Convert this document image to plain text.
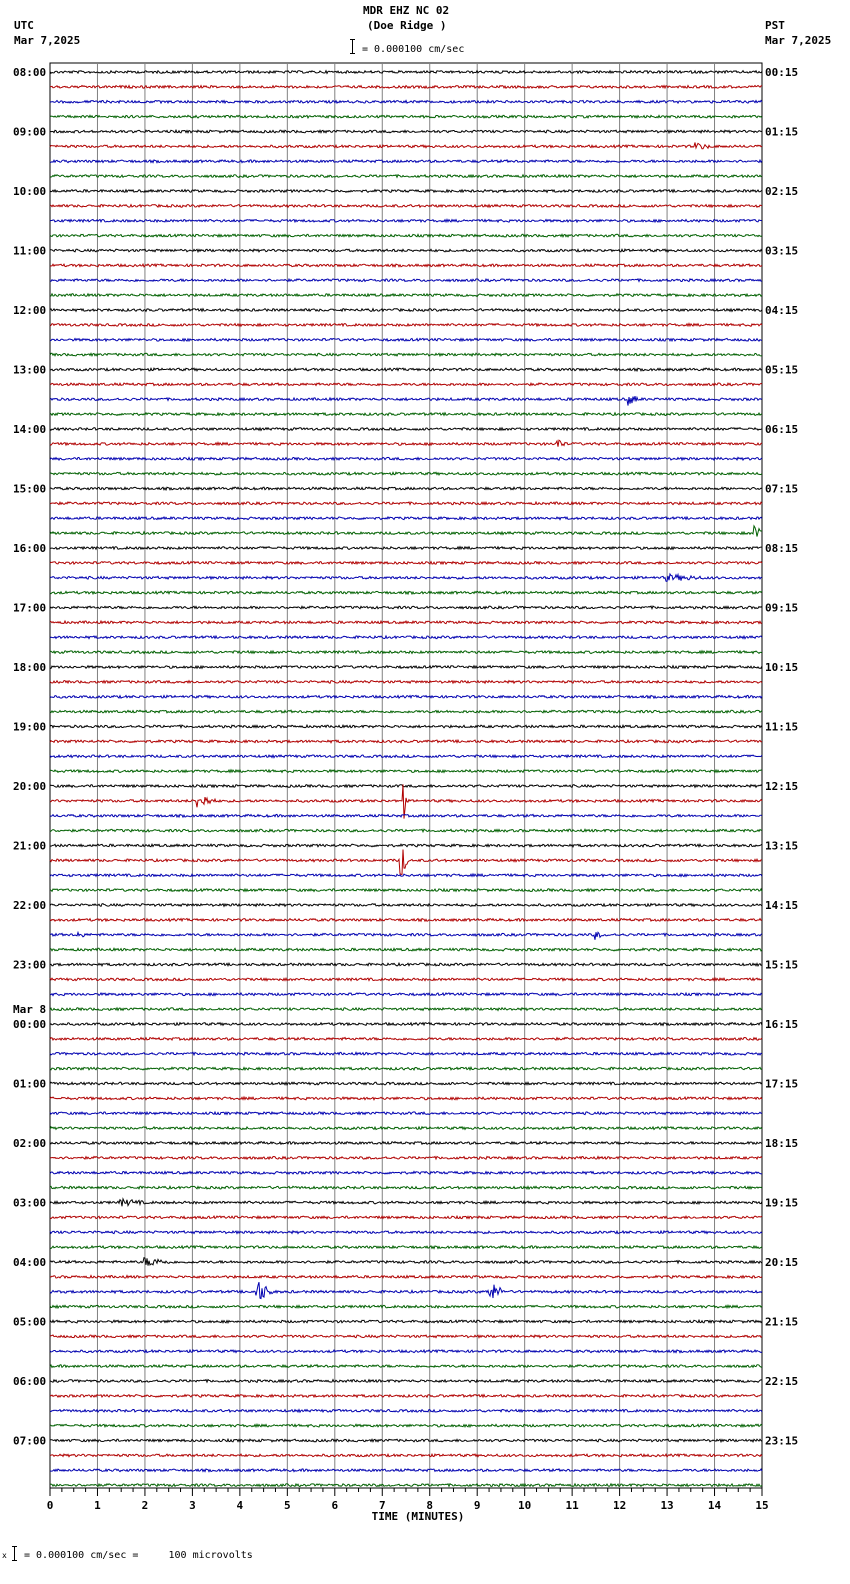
MDR EHZ NC 02
(Doe Ridge )
UTC
Mar 7,2025
PST
Mar 7,2025
= 0.000100 cm/sec
08:00
09:00
10:00
11:00
12:00
13:00
14:00
15:00
16:00
17:00
18:00
19:00
20:00
21:00
22:00
23:00
00:00
Mar 8
01:00
02:00
03:00
04:00
05:00
06:00
07:00
00:15
01:15
02:15
03:15
04:15
05:15
06:15
07:15
08:15
09:15
10:15
11:15
12:15
13:15
14:15
15:15
16:15
17:15
18:15
19:15
20:15
21:15
22:15
23:15
0	1	2	3	4	5	6	7	8	9	10	11	12	13	14	15
TIME (MINUTES)
x = 0.000100 cm/sec =     100 microvolts
